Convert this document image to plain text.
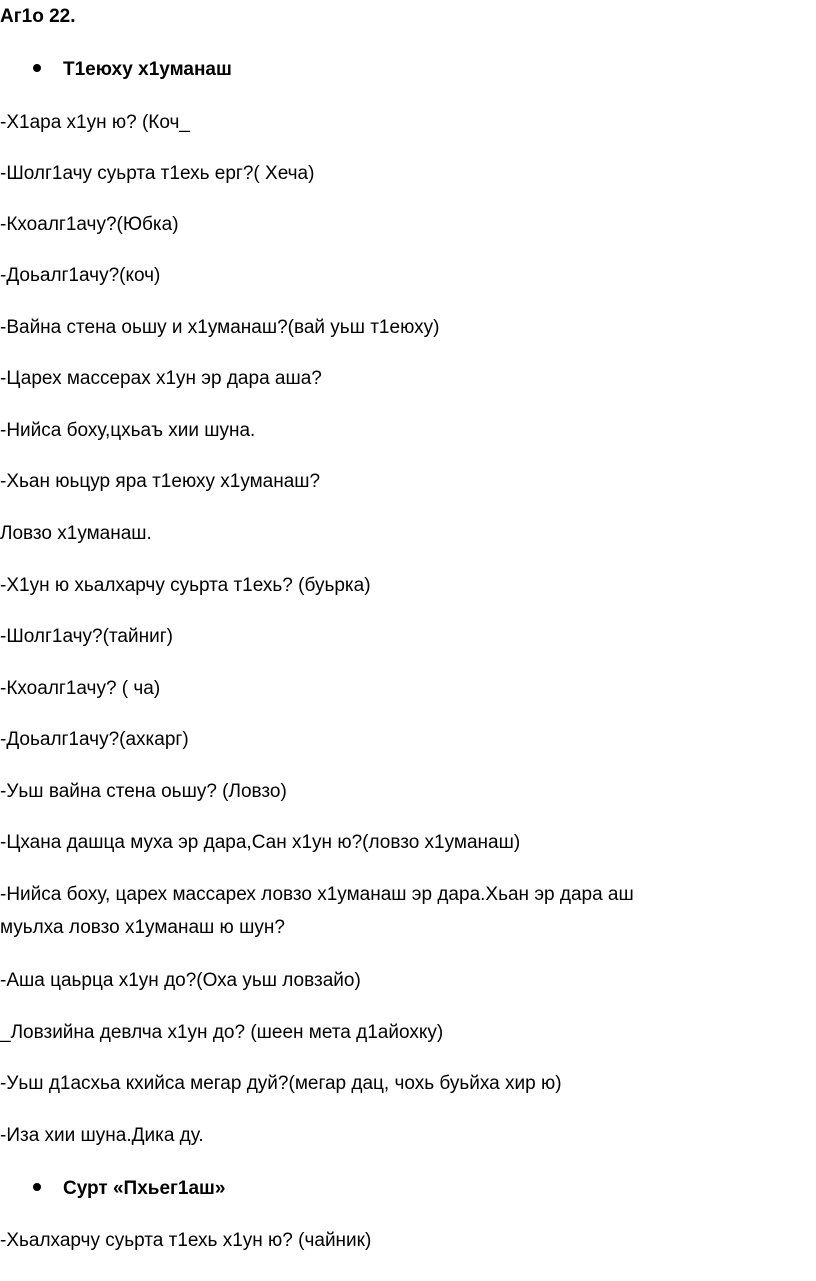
Аг1о 22.
Т1еюху х1уманаш
-Х1ара х1ун ю? (Коч_
-Шолг1ачу суьрта т1ехь ерг?( Хеча)
-Кхоалг1ачу?(Юбка)
-Доьалг1ачу?(коч)
-Вайна стена оьшу и х1уманаш?(вай уьш т1еюху)
-Царех массерах х1ун эр дара аша?
-Нийса боху,цхьаъ хии шуна.
-Хьан юьцур яра т1еюху х1уманаш?
Ловзо х1уманаш.
-Х1ун ю хьалхарчу суьрта т1ехь? (буьрка)
-Шолг1ачу?(тайниг)
-Кхоалг1ачу? ( ча)
-Доьалг1ачу?(ахкарг)
-Уьш вайна стена оьшу? (Ловзо)
-Цхана дашца муха эр дара,Сан х1ун ю?(ловзо х1уманаш)
-Нийса боху, царех массарех ловзо х1уманаш эр дара.Хьан эр дара аш
муьлха ловзо х1уманаш ю шун?
-Аша цаьрца х1ун до?(Оха уьш ловзайо)
_Ловзийна девлча х1ун до? (шеен мета д1айохку)
-Уьш д1асхьа кхийса мегар дуй?(мегар дац, чохь буьйха хир ю)
-Иза хии шуна.Дика ду.
Сурт «Пхьег1аш»
-Хьалхарчу суьрта т1ехь х1ун ю? (чайник)
